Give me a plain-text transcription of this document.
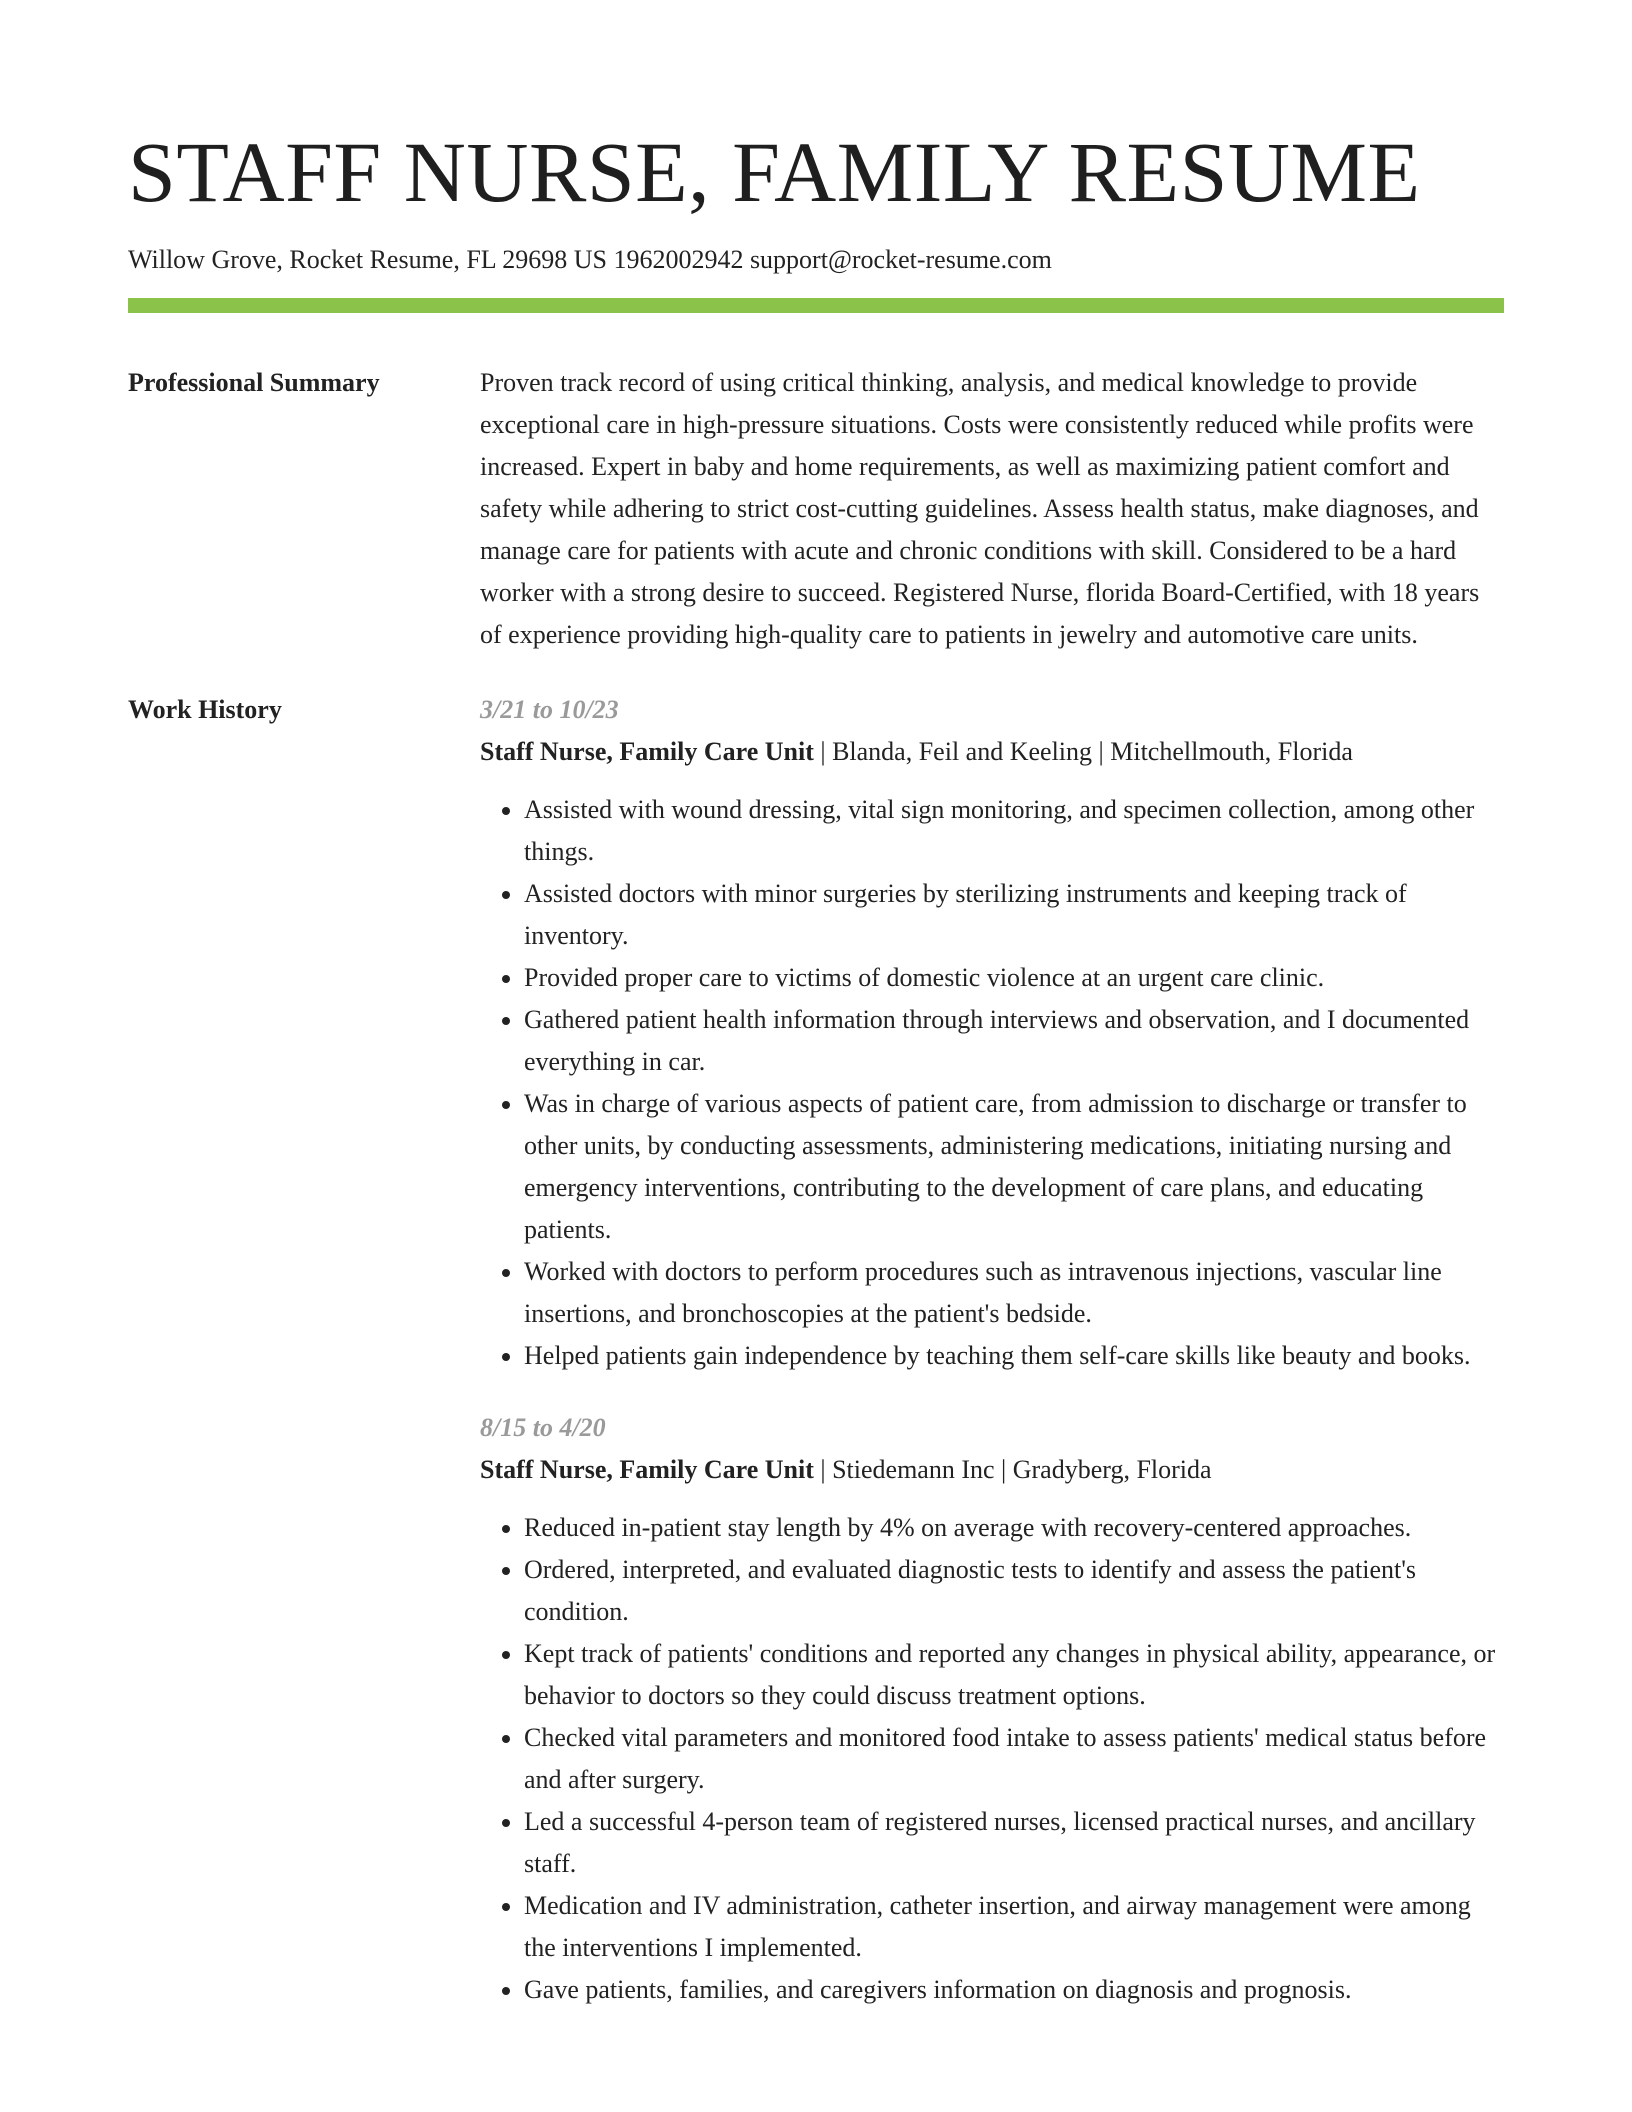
STAFF NURSE, FAMILY RESUME
Willow Grove, Rocket Resume, FL 29698 US 1962002942 support@rocket-resume.com
Professional Summary	Proven track record of using critical thinking, analysis, and medical knowledge to provide exceptional care in high-pressure situations. Costs were consistently reduced while profits were increased. Expert in baby and home requirements, as well as maximizing patient comfort and safety while adhering to strict cost-cutting guidelines. Assess health status, make diagnoses, and manage care for patients with acute and chronic conditions with skill. Considered to be a hard worker with a strong desire to succeed. Registered Nurse, florida Board-Certified, with 18 years of experience providing high-quality care to patients in jewelry and automotive care units.

Work History	3/21 to 10/23
Staff Nurse, Family Care Unit | Blanda, Feil and Keeling | Mitchellmouth, Florida
• Assisted with wound dressing, vital sign monitoring, and specimen collection, among other things.
• Assisted doctors with minor surgeries by sterilizing instruments and keeping track of inventory.
• Provided proper care to victims of domestic violence at an urgent care clinic.
• Gathered patient health information through interviews and observation, and I documented everything in car.
• Was in charge of various aspects of patient care, from admission to discharge or transfer to other units, by conducting assessments, administering medications, initiating nursing and emergency interventions, contributing to the development of care plans, and educating patients.
• Worked with doctors to perform procedures such as intravenous injections, vascular line insertions, and bronchoscopies at the patient's bedside.
• Helped patients gain independence by teaching them self-care skills like beauty and books.
8/15 to 4/20
Staff Nurse, Family Care Unit | Stiedemann Inc | Gradyberg, Florida
• Reduced in-patient stay length by 4% on average with recovery-centered approaches.
• Ordered, interpreted, and evaluated diagnostic tests to identify and assess the patient's condition.
• Kept track of patients' conditions and reported any changes in physical ability, appearance, or behavior to doctors so they could discuss treatment options.
• Checked vital parameters and monitored food intake to assess patients' medical status before and after surgery.
• Led a successful 4-person team of registered nurses, licensed practical nurses, and ancillary staff.
• Medication and IV administration, catheter insertion, and airway management were among the interventions I implemented.
• Gave patients, families, and caregivers information on diagnosis and prognosis.
